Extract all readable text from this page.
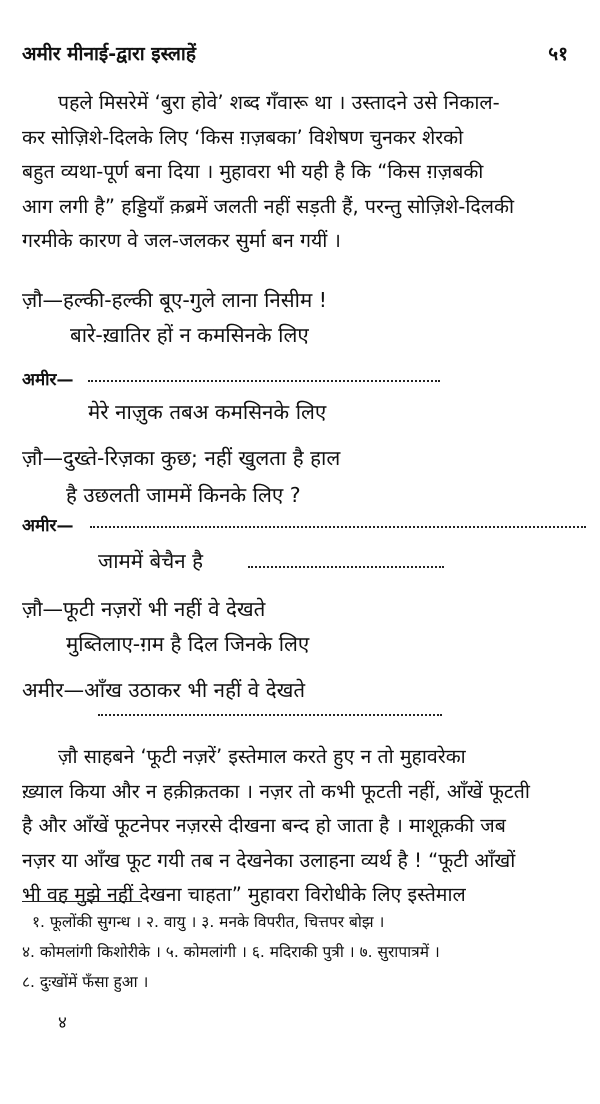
अमीर मीनाई-द्वारा इस्लाहें	५१
पहले मिसरेमें ‘बुरा होवे’ शब्द गँवारू था । उस्तादने उसे निकाल-
कर सोज़िशे-दिलके लिए ‘किस ग़ज़बका’ विशेषण चुनकर शेरको
बहुत व्यथा-पूर्ण बना दिया । मुहावरा भी यही है कि “किस ग़ज़बकी
आग लगी है” हड्डियाँ क़ब्रमें जलती नहीं सड़ती हैं, परन्तु सोज़िशे-दिलकी
गरमीके कारण वे जल-जलकर सुर्मा बन गयीं ।
ज़ौ—हल्की-हल्की बूए-गुले लाना निसीम !
बारे-ख़ातिर हों न कमसिनके लिए
अमीर—
मेरे नाज़ुक तबअ कमसिनके लिए
ज़ौ—दुख्ते-रिज़का कुछ; नहीं खुलता है हाल
है उछलती जाममें किनके लिए ?
अमीर—
जाममें बेचैन है
ज़ौ—फूटी नज़रों भी नहीं वे देखते
मुब्तिलाए-ग़म है दिल जिनके लिए
अमीर—आँख उठाकर भी नहीं वे देखते
ज़ौ साहबने ‘फूटी नज़रें’ इस्तेमाल करते हुए न तो मुहावरेका
ख़्याल किया और न हक़ीक़तका । नज़र तो कभी फूटती नहीं, आँखें फूटती
है और आँखें फूटनेपर नज़रसे दीखना बन्द हो जाता है । माशूक़की जब
नज़र या आँख फूट गयी तब न देखनेका उलाहना व्यर्थ है ! “फूटी आँखों
भी वह मुझे नहीं देखना चाहता” मुहावरा विरोधीके लिए इस्तेमाल
१. फूलोंकी सुगन्ध । २. वायु । ३. मनके विपरीत, चित्तपर बोझ ।
४. कोमलांगी किशोरीके । ५. कोमलांगी । ६. मदिराकी पुत्री । ७. सुरापात्रमें ।
८. दुःखोंमें फँसा हुआ ।
४
